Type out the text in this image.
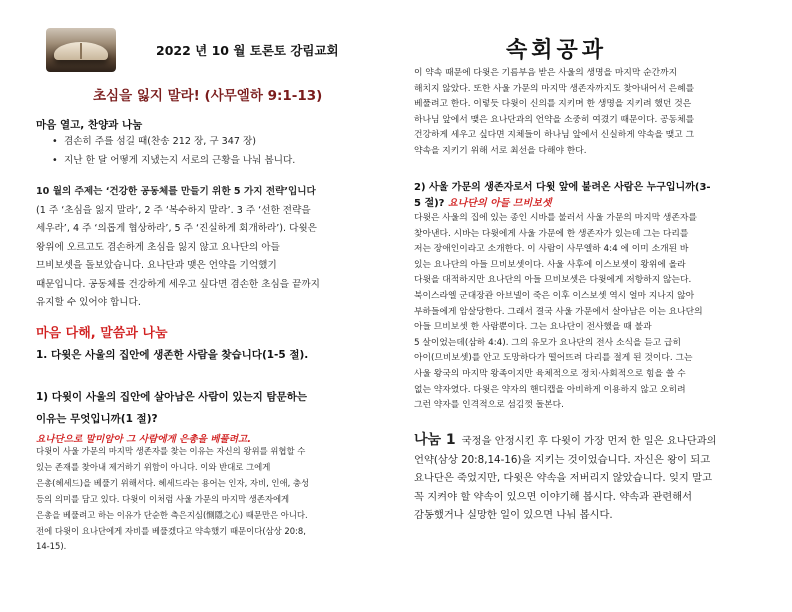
2022 년 10 월 토론토 강림교회	속회공과
초심을 잃지 말라! (사무엘하 9:1-13)
마음 열고, 찬양과 나눔
• 겸손히 주를 섬길 때(찬송 212 장, 구 347 장)
• 지난 한 달 어떻게 지냈는지 서로의 근황을 나눠 봅니다.
10 월의 주제는 ‘건강한 공동체를 만들기 위한 5 가지 전략’입니다
(1 주 ‘초심을 잃지 말라’, 2 주 ‘복수하지 말라’. 3 주 ‘선한 전략을
세우라’, 4 주 ‘의롭게 협상하라’, 5 주 ‘진실하게 회개하라’). 다윗은
왕위에 오르고도 겸손하게 초심을 잃지 않고 요나단의 아들
므비보셋을 돌보았습니다. 요나단과 맺은 언약을 기억했기
때문입니다. 공동체를 건강하게 세우고 싶다면 겸손한 초심을 끝까지
유지할 수 있어야 합니다.
마음 다해, 말씀과 나눔
1. 다윗은 사울의 집안에 생존한 사람을 찾습니다(1-5 절).
1) 다윗이 사울의 집안에 살아남은 사람이 있는지 탐문하는
이유는 무엇입니까(1 절)?
요나단으로 말미암아 그 사람에게 은총을 베풀려고.
다윗이 사울 가문의 마지막 생존자를 찾는 이유는 자신의 왕위를 위협할 수
있는 존재를 찾아내 제거하기 위함이 아니다. 이와 반대로 그에게
은총(헤세드)을 베풀기 위해서다. 헤세드라는 용어는 인자, 자비, 인애, 충성
등의 의미를 담고 있다. 다윗이 이처럼 사울 가문의 마지막 생존자에게
은총을 베풀려고 하는 이유가 단순한 측은지심(惻隱之心) 때문만은 아니다.
전에 다윗이 요나단에게 자비를 베풀겠다고 약속했기 때문이다(삼상 20:8,
14-15).
이 약속 때문에 다윗은 기름부음 받은 사울의 생명을 마지막 순간까지
해치지 않았다. 또한 사울 가문의 마지막 생존자까지도 찾아내어서 은혜를
베풀려고 한다. 이렇듯 다윗이 신의를 지키며 한 생명을 지키려 했던 것은
하나님 앞에서 맺은 요나단과의 언약을 소중히 여겼기 때문이다. 공동체를
건강하게 세우고 싶다면 지체들이 하나님 앞에서 신실하게 약속을 맺고 그
약속을 지키기 위해 서로 최선을 다해야 한다.
2) 사울 가문의 생존자로서 다윗 앞에 불려온 사람은 누구입니까(3-
5 절)? 요나단의 아들 므비보셋
다윗은 사울의 집에 있는 종인 시바를 불러서 사울 가문의 마지막 생존자를
찾아낸다. 시바는 다윗에게 사울 가문에 한 생존자가 있는데 그는 다리를
저는 장애인이라고 소개한다. 이 사람이 사무엘하 4:4 에 이미 소개된 바
있는 요나단의 아들 므비보셋이다. 사울 사후에 이스보셋이 왕위에 올라
다윗을 대적하지만 요나단의 아들 므비보셋은 다윗에게 저항하지 않는다.
북이스라엘 군대장관 아브넬이 죽은 이후 이스보셋 역시 얼마 지나지 않아
부하들에게 암살당한다. 그래서 결국 사울 가문에서 살아남은 이는 요나단의
아들 므비보셋 한 사람뿐이다. 그는 요나단이 전사했을 때 불과
5 살이었는데(삼하 4:4). 그의 유모가 요나단의 전사 소식을 듣고 급히
아이(므비보셋)를 안고 도망하다가 떨어뜨려 다리를 절게 된 것이다. 그는
사울 왕국의 마지막 왕족이지만 육체적으로 정치·사회적으로 힘을 쓸 수
없는 약자였다. 다윗은 약자의 핸디캡을 아비하게 이용하지 않고 오히려
그런 약자를 인격적으로 섬김껏 돌본다.
나눔 1 국정을 안정시킨 후 다윗이 가장 먼저 한 일은 요나단과의
언약(삼상 20:8,14-16)을 지키는 것이었습니다. 자신은 왕이 되고
요나단은 죽었지만, 다윗은 약속을 저버리지 않았습니다. 잊지 말고
꼭 지켜야 할 약속이 있으면 이야기해 봅시다. 약속과 관련해서
감동했거나 실망한 일이 있으면 나눠 봅시다.
